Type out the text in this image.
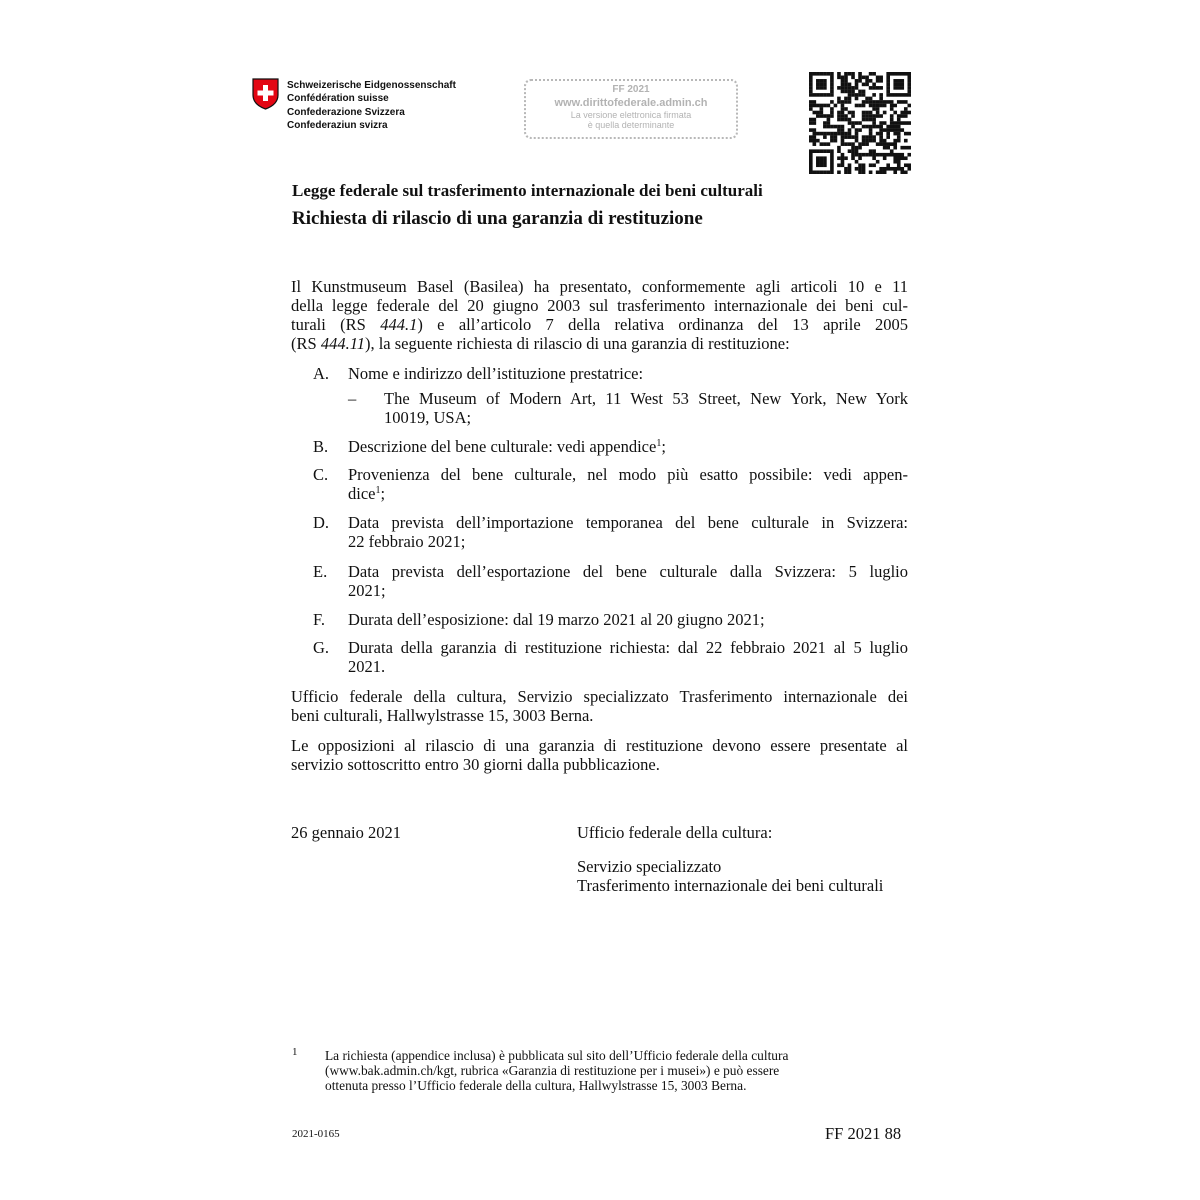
Schweizerische Eidgenossenschaft
Confédération suisse
Confederazione Svizzera
Confederaziun svizra
FF 2021
www.dirittofederale.admin.ch
La versione elettronica firmata
è quella determinante
Legge federale sul trasferimento internazionale dei beni culturali
Richiesta di rilascio di una garanzia di restituzione
Il Kunstmuseum Basel (Basilea) ha presentato, conformemente agli articoli 10 e 11
della legge federale del 20 giugno 2003 sul trasferimento internazionale dei beni cul-
turali (RS 444.1) e all’articolo 7 della relativa ordinanza del 13 aprile 2005
(RS 444.11), la seguente richiesta di rilascio di una garanzia di restituzione:
A.	Nome e indirizzo dell’istituzione prestatrice:
–	The Museum of Modern Art, 11 West 53 Street, New York, New York
10019, USA;
B.	Descrizione del bene culturale: vedi appendice$^1$;
C.	Provenienza del bene culturale, nel modo più esatto possibile: vedi appen-
dice$^1$;
D.	Data prevista dell’importazione temporanea del bene culturale in Svizzera:
22 febbraio 2021;
E.	Data prevista dell’esportazione del bene culturale dalla Svizzera: 5 luglio
2021;
F.	Durata dell’esposizione: dal 19 marzo 2021 al 20 giugno 2021;
G.	Durata della garanzia di restituzione richiesta: dal 22 febbraio 2021 al 5 luglio
2021.
Ufficio federale della cultura, Servizio specializzato Trasferimento internazionale dei
beni culturali, Hallwylstrasse 15, 3003 Berna.
Le opposizioni al rilascio di una garanzia di restituzione devono essere presentate al
servizio sottoscritto entro 30 giorni dalla pubblicazione.
26 gennaio 2021	Ufficio federale della cultura:
Servizio specializzato
Trasferimento internazionale dei beni culturali
1 La richiesta (appendice inclusa) è pubblicata sul sito dell’Ufficio federale della cultura
(www.bak.admin.ch/kgt, rubrica «Garanzia di restituzione per i musei») e può essere
ottenuta presso l’Ufficio federale della cultura, Hallwylstrasse 15, 3003 Berna.
2021-0165	FF 2021 88
